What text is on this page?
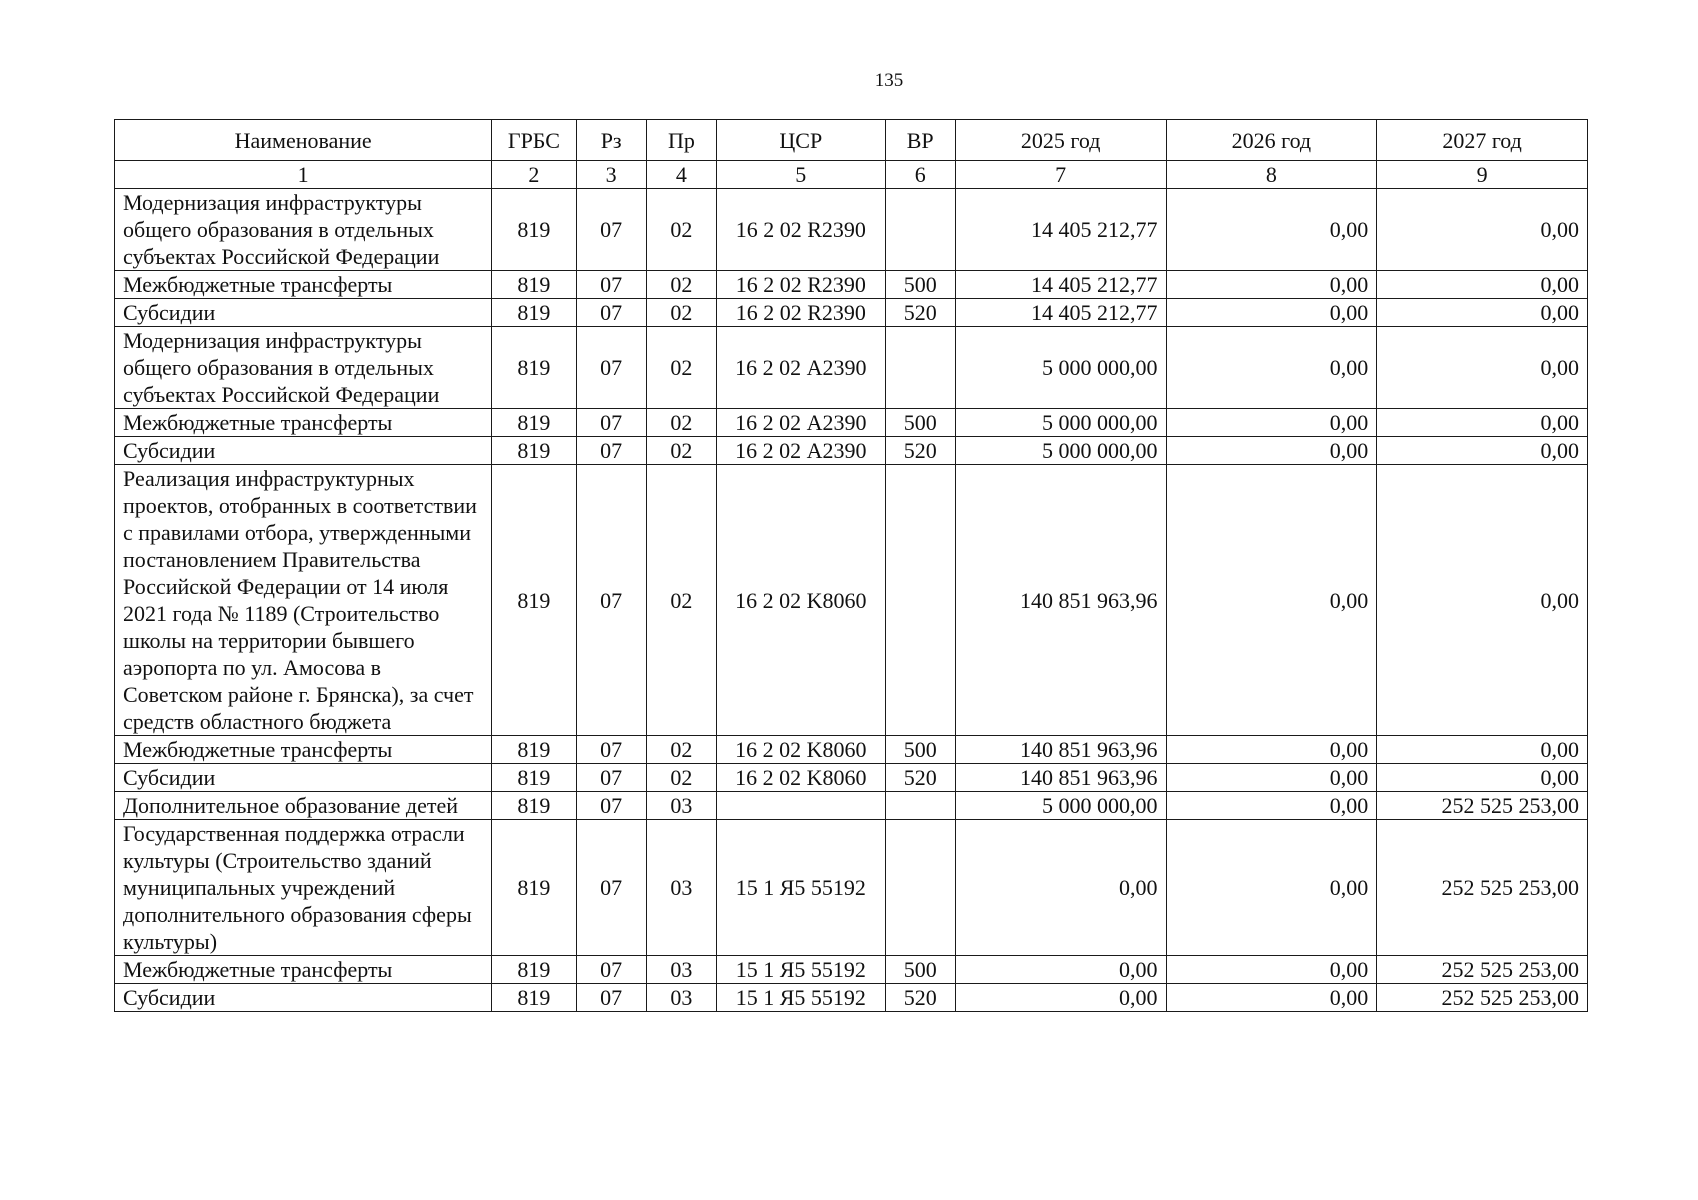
135
Наименование	ГРБС	Рз	Пр	ЦСР	ВР	2025 год	2026 год	2027 год
1	2	3	4	5	6	7	8	9
Модернизация инфраструктуры общего образования в отдельных субъектах Российской Федерации	819	07	02	16 2 02 R2390		14 405 212,77	0,00	0,00
Межбюджетные трансферты	819	07	02	16 2 02 R2390	500	14 405 212,77	0,00	0,00
Субсидии	819	07	02	16 2 02 R2390	520	14 405 212,77	0,00	0,00
Модернизация инфраструктуры общего образования в отдельных субъектах Российской Федерации	819	07	02	16 2 02 А2390		5 000 000,00	0,00	0,00
Межбюджетные трансферты	819	07	02	16 2 02 А2390	500	5 000 000,00	0,00	0,00
Субсидии	819	07	02	16 2 02 А2390	520	5 000 000,00	0,00	0,00
Реализация инфраструктурных проектов, отобранных в соответствии с правилами отбора, утвержденными постановлением Правительства Российской Федерации от 14 июля 2021 года № 1189 (Строительство школы на территории бывшего аэропорта по ул. Амосова в Советском районе г. Брянска), за счет средств областного бюджета	819	07	02	16 2 02 K8060		140 851 963,96	0,00	0,00
Межбюджетные трансферты	819	07	02	16 2 02 K8060	500	140 851 963,96	0,00	0,00
Субсидии	819	07	02	16 2 02 K8060	520	140 851 963,96	0,00	0,00
Дополнительное образование детей	819	07	03			5 000 000,00	0,00	252 525 253,00
Государственная поддержка отрасли культуры (Строительство зданий муниципальных учреждений дополнительного образования сферы культуры)	819	07	03	15 1 Я5 55192		0,00	0,00	252 525 253,00
Межбюджетные трансферты	819	07	03	15 1 Я5 55192	500	0,00	0,00	252 525 253,00
Субсидии	819	07	03	15 1 Я5 55192	520	0,00	0,00	252 525 253,00
